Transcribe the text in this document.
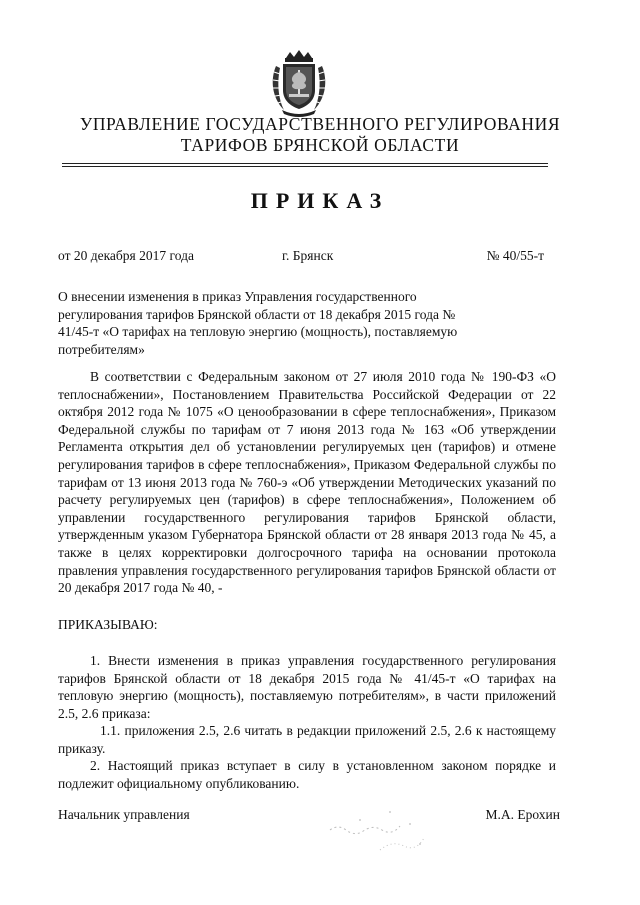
УПРАВЛЕНИЕ ГОСУДАРСТВЕННОГО РЕГУЛИРОВАНИЯ
ТАРИФОВ БРЯНСКОЙ ОБЛАСТИ
ПРИКАЗ
от 20 декабря 2017 года	г. Брянск	№ 40/55-т
О внесении изменения в приказ Управления государственного регулирования тарифов Брянской области от 18 декабря 2015 года № 41/45-т «О тарифах на тепловую энергию (мощность), поставляемую потребителям»
В соответствии с Федеральным законом от 27 июля 2010 года № 190-ФЗ «О теплоснабжении», Постановлением Правительства Российской Федерации от 22 октября 2012 года № 1075 «О ценообразовании в сфере теплоснабжения», Приказом Федеральной службы по тарифам от 7 июня 2013 года № 163 «Об утверждении Регламента открытия дел об установлении регулируемых цен (тарифов) и отмене регулирования тарифов в сфере теплоснабжения», Приказом Федеральной службы по тарифам от 13 июня 2013 года № 760-э «Об утверждении Методических указаний по расчету регулируемых цен (тарифов) в сфере теплоснабжения», Положением об управлении государственного регулирования тарифов Брянской области, утвержденным указом Губернатора Брянской области от 28 января 2013 года № 45, а также в целях корректировки долгосрочного тарифа на основании протокола правления управления государственного регулирования тарифов Брянской области от 20 декабря 2017 года № 40, -
ПРИКАЗЫВАЮ:
1. Внести изменения в приказ управления государственного регулирования тарифов Брянской области от 18 декабря 2015 года № 41/45-т «О тарифах на тепловую энергию (мощность), поставляемую потребителям», в части приложений 2.5, 2.6 приказа:
1.1. приложения 2.5, 2.6 читать в редакции приложений 2.5, 2.6 к настоящему приказу.
2. Настоящий приказ вступает в силу в установленном законом порядке и подлежит официальному опубликованию.
Начальник управления	М.А. Ерохин
